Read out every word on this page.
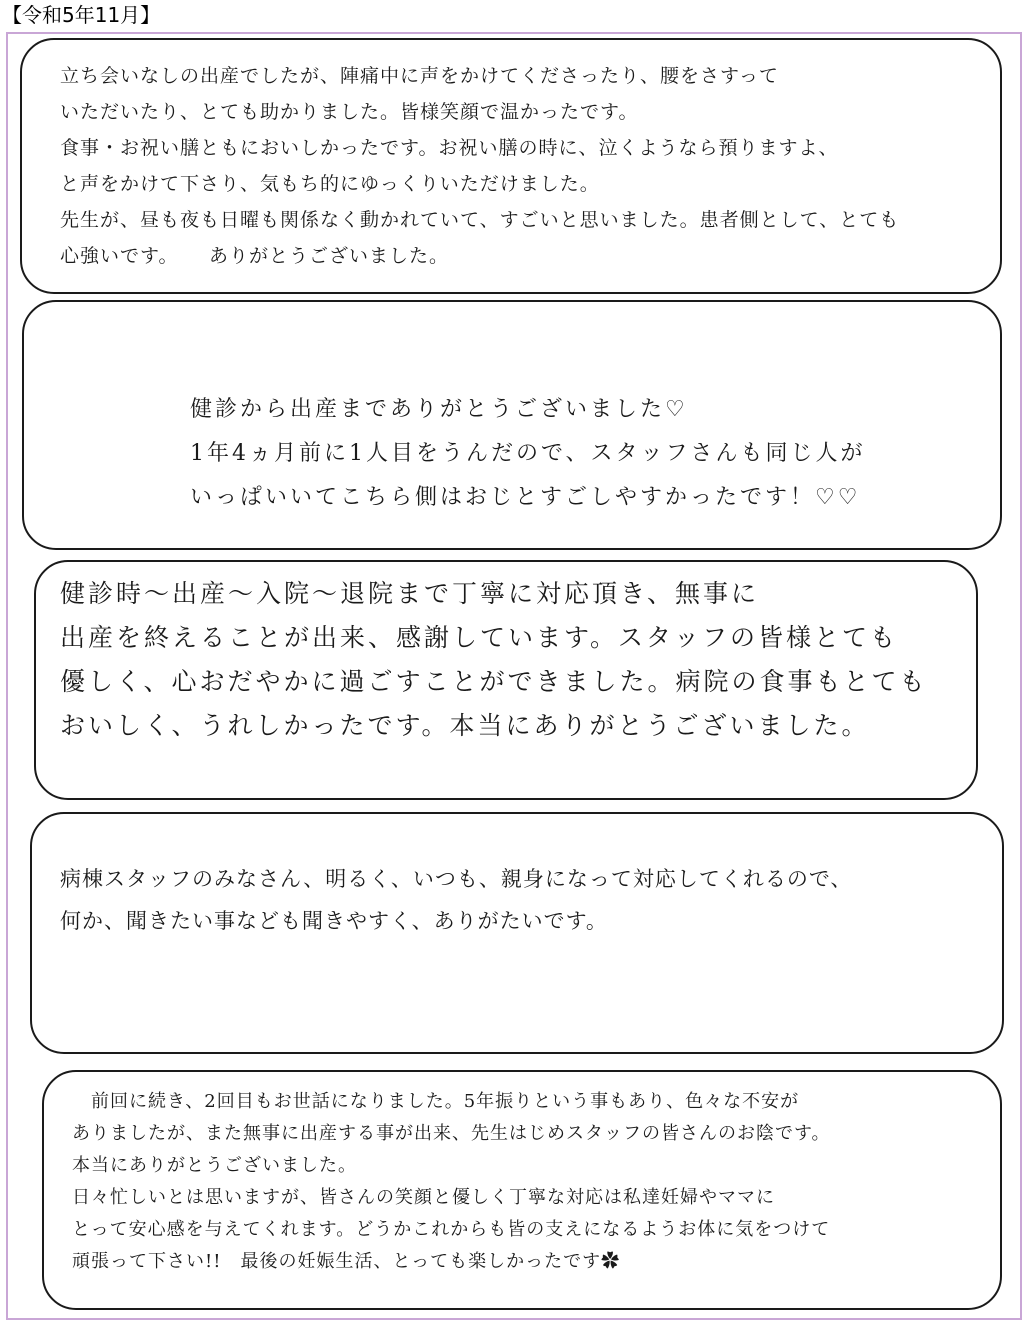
【令和5年11月】

立ち会いなしの出産でしたが、陣痛中に声をかけてくださったり、腰をさすって
いただいたり、とても助かりました。皆様笑顔で温かったです。
食事・お祝い膳ともにおいしかったです。お祝い膳の時に、泣くようなら預りますよ、
と声をかけて下さり、気もち的にゆっくりいただけました。
先生が、昼も夜も日曜も関係なく動かれていて、すごいと思いました。患者側として、とても
心強いです。　　ありがとうございました。

健診から出産までありがとうございました♡
1年4ヵ月前に1人目をうんだので、スタッフさんも同じ人が
いっぱいいてこちら側はおじとすごしやすかったです！♡♡

健診時〜出産〜入院〜退院まで丁寧に対応頂き、無事に
出産を終えることが出来、感謝しています。スタッフの皆様とても
優しく、心おだやかに過ごすことができました。病院の食事もとても
おいしく、うれしかったです。本当にありがとうございました。

病棟スタッフのみなさん、明るく、いつも、親身になって対応してくれるので、
何か、聞きたい事なども聞きやすく、ありがたいです。

　前回に続き、2回目もお世話になりました。5年振りという事もあり、色々な不安が
ありましたが、また無事に出産する事が出来、先生はじめスタッフの皆さんのお陰です。
本当にありがとうございました。
日々忙しいとは思いますが、皆さんの笑顔と優しく丁寧な対応は私達妊婦やママに
とって安心感を与えてくれます。どうかこれからも皆の支えになるようお体に気をつけて
頑張って下さい!!　最後の妊娠生活、とっても楽しかったです✿
